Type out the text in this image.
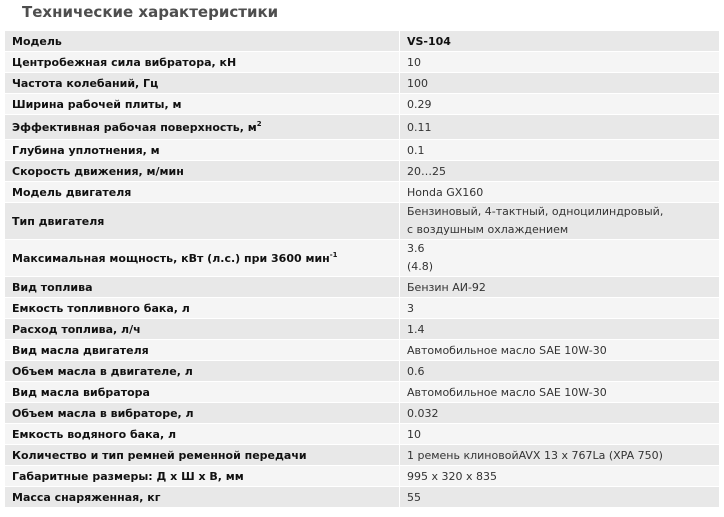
Технические характеристики
Модель	VS-104
Центробежная сила вибратора, кН	10
Частота колебаний, Гц	100
Ширина рабочей плиты, м	0.29
Эффективная рабочая поверхность, $м^2$	0.11
Глубина уплотнения, м	0.1
Скорость движения, м/мин	20…25
Модель двигателя	Honda GX160
Тип двигателя	Бензиновый, 4-тактный, одноцилиндровый,
с воздушным охлаждением

Максимальная мощность, кВт (л.с.) при 3600 мин$^{-1}$	3.6
(4.8)

Вид топлива	Бензин АИ-92
Емкость топливного бака, л	3
Расход топлива, л/ч	1.4
Вид масла двигателя	Автомобильное масло SAE 10W-30
Объем масла в двигателе, л	0.6
Вид масла вибратора	Автомобильное масло SAE 10W-30
Объем масла в вибраторе, л	0.032
Емкость водяного бака, л	10
Количество и тип ремней ременной передачи	1 ремень клиновойAVX 13 x 767La (XPA 750)
Габаритные размеры: Д x Ш x В, мм	995 x 320 x 835
Масса снаряженная, кг	55
